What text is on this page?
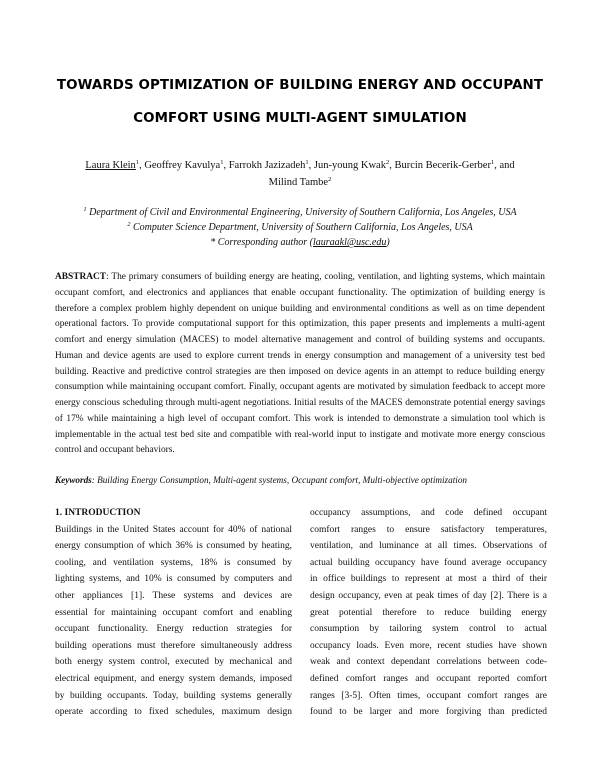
TOWARDS OPTIMIZATION OF BUILDING ENERGY AND OCCUPANT
COMFORT USING MULTI-AGENT SIMULATION
Laura Klein$^1$, Geoffrey Kavulya$^1$, Farrokh Jazizadeh$^1$, Jun-young Kwak$^2$, Burcin Becerik-Gerber$^1$, and
Milind Tambe$^2$
$^1$ Department of Civil and Environmental Engineering, University of Southern California, Los Angeles, USA
$^2$ Computer Science Department, University of Southern California, Los Angeles, USA
* Corresponding author (lauraakl@usc.edu)
ABSTRACT: The primary consumers of building energy are heating, cooling, ventilation, and lighting systems, which maintain occupant comfort, and electronics and appliances that enable occupant functionality. The optimization of building energy is therefore a complex problem highly dependent on unique building and environmental conditions as well as on time dependent operational factors. To provide computational support for this optimization, this paper presents and implements a multi-agent comfort and energy simulation (MACES) to model alternative management and control of building systems and occupants. Human and device agents are used to explore current trends in energy consumption and management of a university test bed building. Reactive and predictive control strategies are then imposed on device agents in an attempt to reduce building energy consumption while maintaining occupant comfort. Finally, occupant agents are motivated by simulation feedback to accept more energy conscious scheduling through multi-agent negotiations. Initial results of the MACES demonstrate potential energy savings of 17% while maintaining a high level of occupant comfort. This work is intended to demonstrate a simulation tool which is implementable in the actual test bed site and compatible with real-world input to instigate and motivate more energy conscious control and occupant behaviors.
Keywords: Building Energy Consumption, Multi-agent systems, Occupant comfort, Multi-objective optimization
1. INTRODUCTION
Buildings in the United States account for 40% of national
energy consumption of which 36% is consumed by heating,
cooling, and ventilation systems, 18% is consumed by
lighting systems, and 10% is consumed by computers and
other appliances [1]. These systems and devices are
essential for maintaining occupant comfort and enabling
occupant functionality. Energy reduction strategies for
building operations must therefore simultaneously address
both energy system control, executed by mechanical and
electrical equipment, and energy system demands, imposed
by building occupants. Today, building systems generally
operate according to fixed schedules, maximum design
occupancy assumptions, and code defined occupant
comfort ranges to ensure satisfactory temperatures,
ventilation, and luminance at all times. Observations of
actual building occupancy have found average occupancy
in office buildings to represent at most a third of their
design occupancy, even at peak times of day [2]. There is a
great potential therefore to reduce building energy
consumption by tailoring system control to actual
occupancy loads. Even more, recent studies have shown
weak and context dependant correlations between code-
defined comfort ranges and occupant reported comfort
ranges [3-5]. Often times, occupant comfort ranges are
found to be larger and more forgiving than predicted
